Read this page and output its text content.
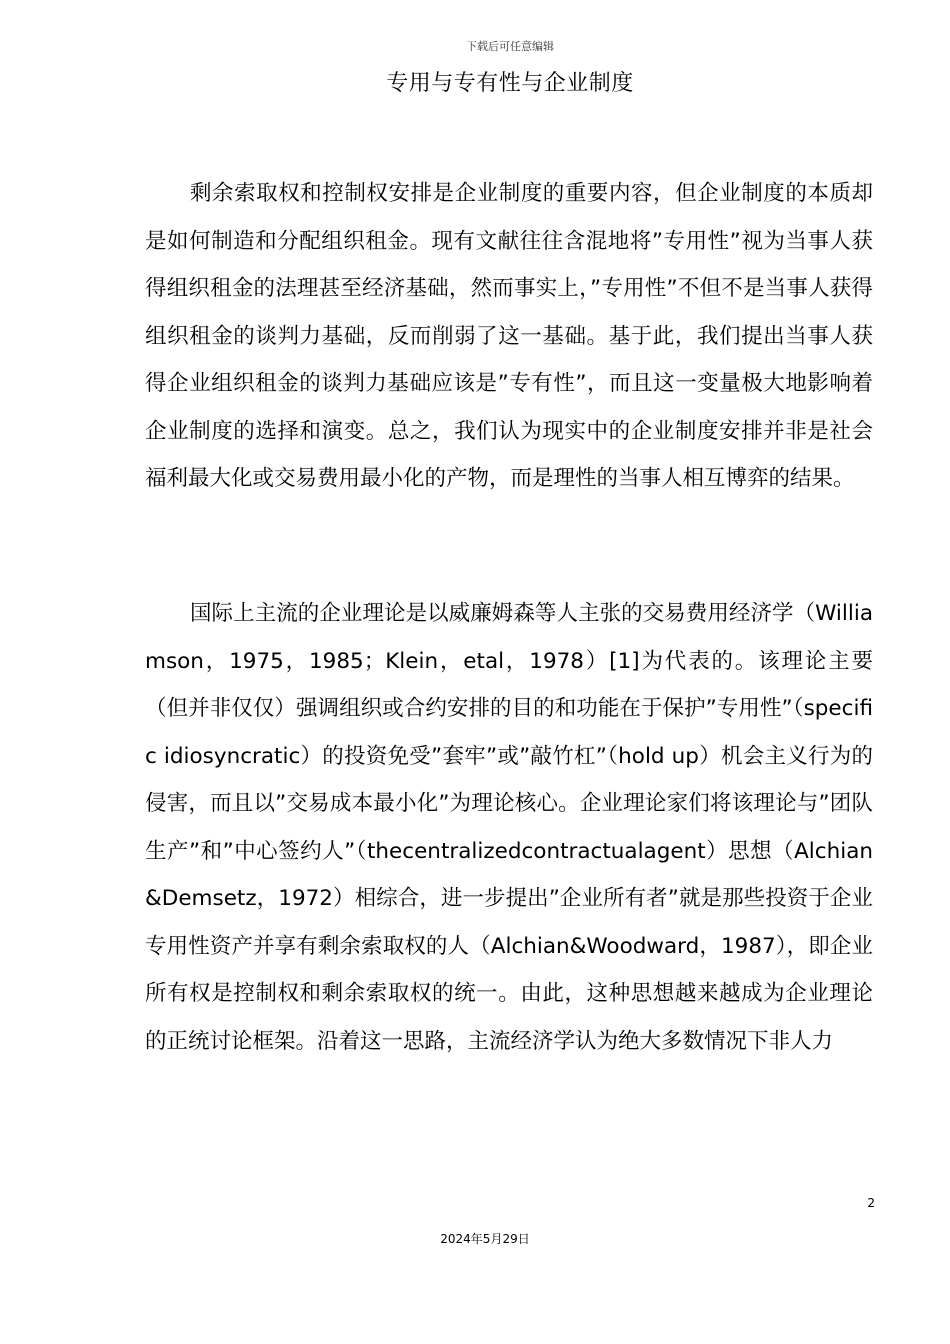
下载后可任意编辑
专用与专有性与企业制度

剩余索取权和控制权安排是企业制度的重要内容，但企业制度的本质却是如何制造和分配组织租金。现有文献往往含混地将”专用性”视为当事人获得组织租金的法理甚至经济基础，然而事实上，”专用性”不但不是当事人获得组织租金的谈判力基础，反而削弱了这一基础。基于此，我们提出当事人获得企业组织租金的谈判力基础应该是”专有性”，而且这一变量极大地影响着企业制度的选择和演变。总之，我们认为现实中的企业制度安排并非是社会福利最大化或交易费用最小化的产物，而是理性的当事人相互博弈的结果。

国际上主流的企业理论是以威廉姆森等人主张的交易费用经济学（Williamson，1975，1985；Klein，etal，1978）[1]为代表的。该理论主要（但并非仅仅）强调组织或合约安排的目的和功能在于保护”专用性”（specific idiosyncratic）的投资免受”套牢”或”敲竹杠”（hold up）机会主义行为的侵害，而且以”交易成本最小化”为理论核心。企业理论家们将该理论与”团队生产”和”中心签约人”（thecentralizedcontractualagent）思想（Alchian&Demsetz，1972）相综合，进一步提出”企业所有者”就是那些投资于企业专用性资产并享有剩余索取权的人（Alchian&Woodward，1987），即企业所有权是控制权和剩余索取权的统一。由此，这种思想越来越成为企业理论的正统讨论框架。沿着这一思路，主流经济学认为绝大多数情况下非人力

2
2024年5月29日
